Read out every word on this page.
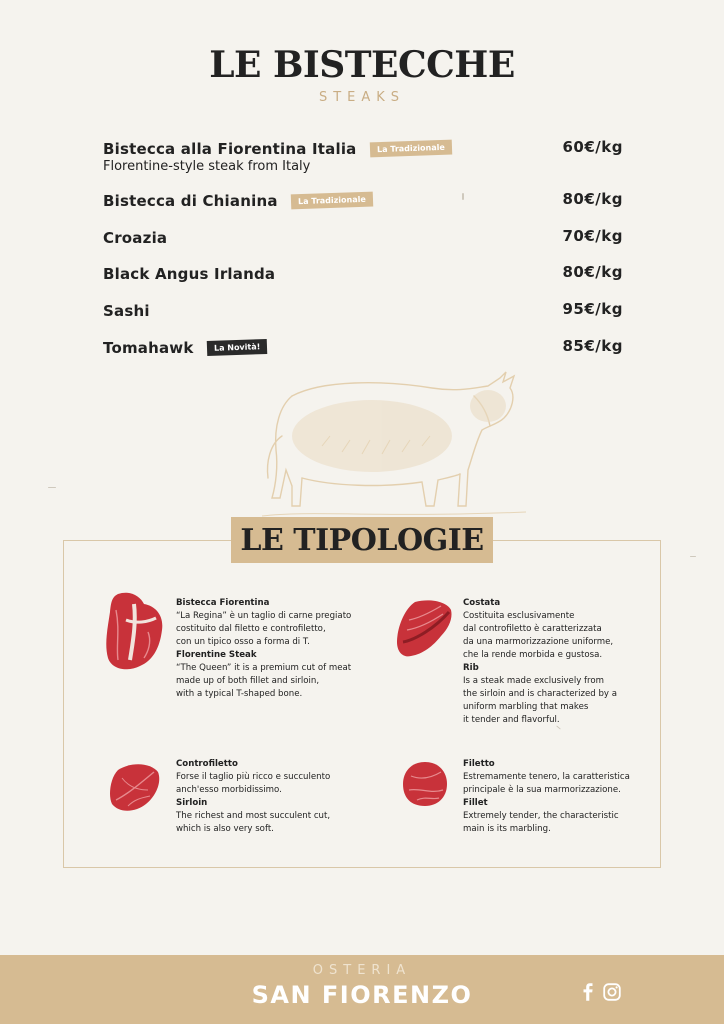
LE BISTECCHE
STEAKS
Bistecca alla Fiorentina Italia La Tradizionale
Florentine-style steak from Italy
60€/kg
Bistecca di Chianina La Tradizionale	80€/kg
Croazia	70€/kg
Black Angus Irlanda	80€/kg
Sashi	95€/kg
Tomahawk La Novità!	85€/kg
LE TIPOLOGIE
Bistecca Fiorentina
“La Regina” è un taglio di carne pregiato
costituito dal filetto e controfiletto,
con un tipico osso a forma di T.
Florentine Steak
“The Queen” it is a premium cut of meat
made up of both fillet and sirloin,
with a typical T-shaped bone.
Costata
Costituita esclusivamente
dal controfiletto è caratterizzata
da una marmorizzazione uniforme,
che la rende morbida e gustosa.
Rib
Is a steak made exclusively from
the sirloin and is characterized by a
uniform marbling that makes
it tender and flavorful.
Controfiletto
Forse il taglio più ricco e succulento
anch'esso morbidissimo.
Sirloin
The richest and most succulent cut,
which is also very soft.
Filetto
Estremamente tenero, la caratteristica
principale è la sua marmorizzazione.
Fillet
Extremely tender, the characteristic
main is its marbling.
OSTERIA
SAN FIORENZO
